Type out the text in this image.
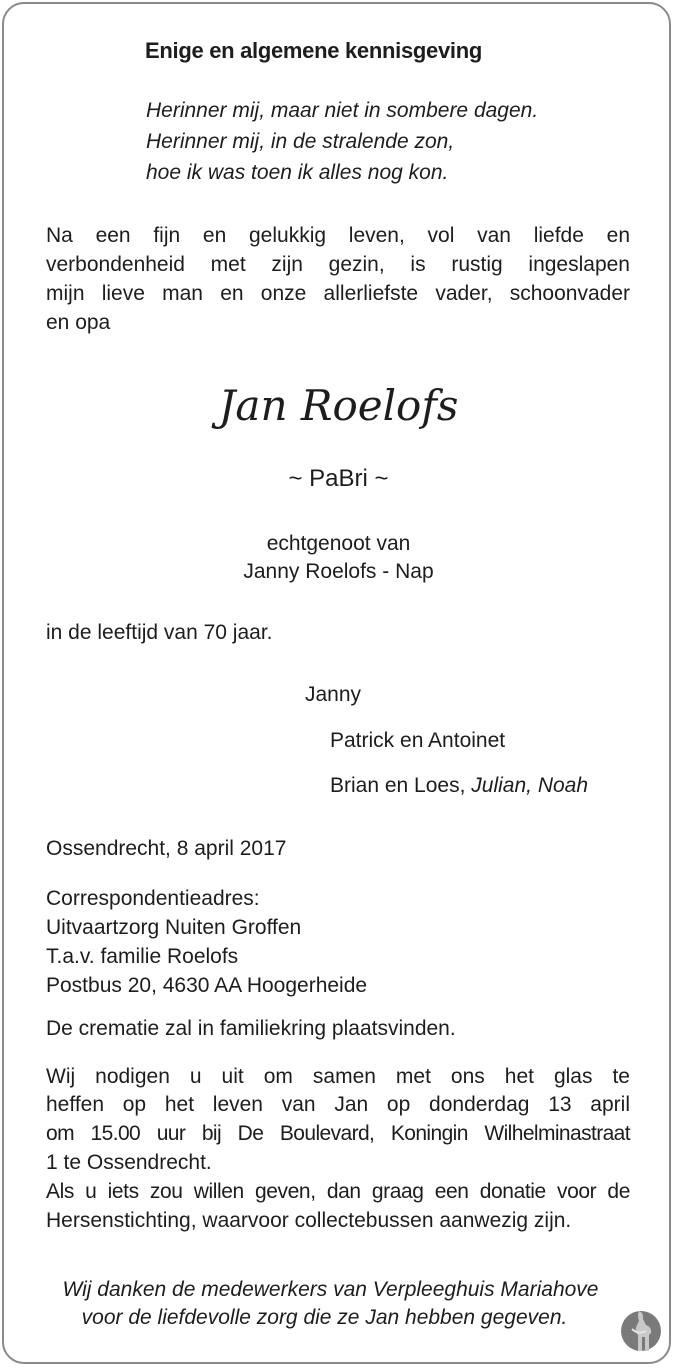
Enige en algemene kennisgeving
Herinner mij, maar niet in sombere dagen.
Herinner mij, in de stralende zon,
hoe ik was toen ik alles nog kon.
Na een fijn en gelukkig leven, vol van liefde en
verbondenheid met zijn gezin, is rustig ingeslapen
mijn lieve man en onze allerliefste vader, schoonvader
en opa
Jan Roelofs
~ PaBri ~
echtgenoot van
Janny Roelofs - Nap
in de leeftijd van 70 jaar.
Janny
Patrick en Antoinet
Brian en Loes, Julian, Noah
Ossendrecht, 8 april 2017
Correspondentieadres:
Uitvaartzorg Nuiten Groffen
T.a.v. familie Roelofs
Postbus 20, 4630 AA Hoogerheide
De crematie zal in familiekring plaatsvinden.
Wij nodigen u uit om samen met ons het glas te
heffen op het leven van Jan op donderdag 13 april
om 15.00 uur bij De Boulevard, Koningin Wilhelminastraat
1 te Ossendrecht.
Als u iets zou willen geven, dan graag een donatie voor de
Hersenstichting, waarvoor collectebussen aanwezig zijn.
Wij danken de medewerkers van Verpleeghuis Mariahove
voor de liefdevolle zorg die ze Jan hebben gegeven.
